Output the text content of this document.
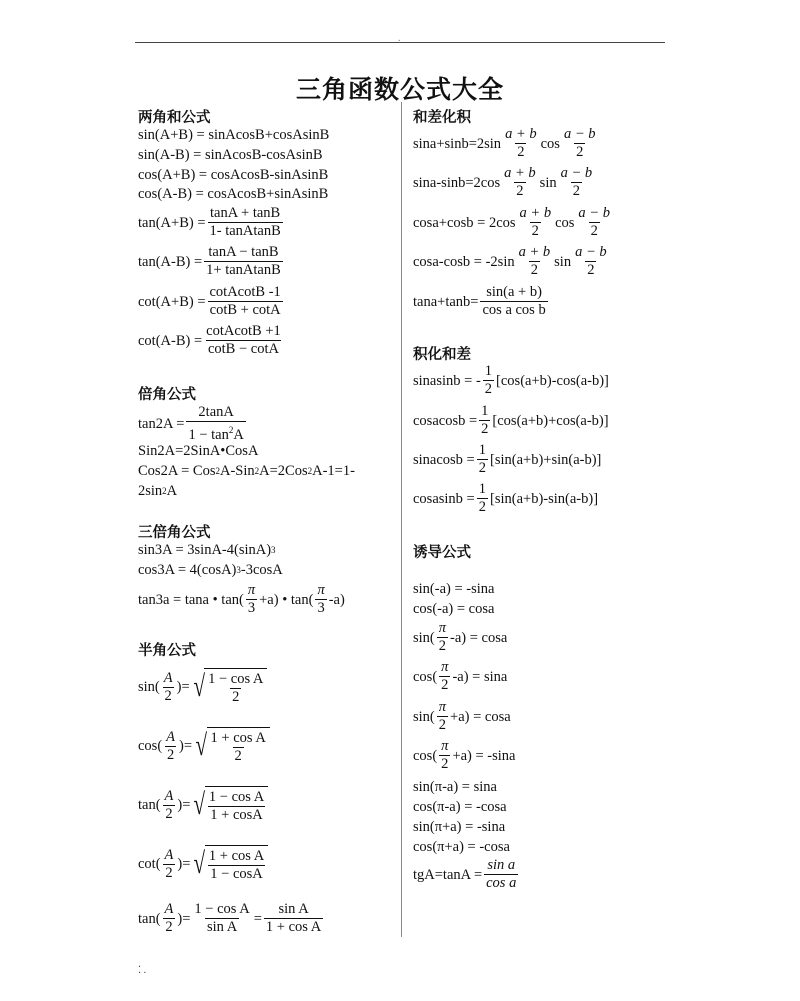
.
三角函数公式大全
两角和公式
sin(A+B) = sinAcosB+cosAsinB
sin(A-B) = sinAcosB-cosAsinB
cos(A+B) = cosAcosB-sinAsinB
cos(A-B) = cosAcosB+sinAsinB
$\tan(A+B) = \frac{\tan A + \tan B}{\text{1- tanAtanB}}$
$\tan(A-B) = \frac{\tan A - \tan B}{\text{1+ tanAtanB}}$
$\cot(A+B) = \frac{\text{cotAcotB -1}}{\cot B + \cot A}$
$\cot(A-B) = \frac{\text{cotAcotB +1}}{\cot B - \cot A}$
倍角公式
$\tan 2A = \frac{2\tan A}{1 - \tan^2A}$
Sin2A=2SinA•CosA
Cos2A = Cos 2 A-Sin 2 A=2Cos 2 A-1=1-
2sin 2 A
三倍角公式
sin3A = 3sinA-4(sinA) 3
cos3A = 4(cosA) 3 -3cosA
tan3a = tana • $\tan( \frac{\pi}{3} +a)$ • $\tan( \frac{\pi}{3} -a)$
半角公式
$\sin( \frac{A}{2}$ )= √ $\frac{\text{1 − cos A}}{2}$
$\cos( \frac{A}{2}$ )= √ $\frac{\text{1 + cos A}}{2}$
$\tan( \frac{A}{2}$ )= √ $\frac{\text{1 − cos A}}{1 + \cos A}$
$\cot( \frac{A}{2}$ )= √ $\frac{\text{1 + cos A}}{1 - \cos A}$
$\tan( \frac{A}{2}$ )= $\frac{\text{1 − cos A}}{\text{sin A}} = \frac{\text{sin A}}{\text{1 + cos A}}$
和差化积
$\sin a+\sin b=2\sin \frac{a + b}{2}$ $\cos \frac{a - b}{2}$
$\sin a-\sin b=2\cos \frac{a + b}{2}$ $\sin \frac{a - b}{2}$
$\cos a+\cos b = 2\cos \frac{a + b}{2}$ $\cos \frac{a - b}{2}$
$\cos a-\cos b = -2\sin \frac{a + b}{2}$ $\sin \frac{a - b}{2}$
$\tan a+\tan b= \frac{\sin(a + b)}{\text{cos a cos b}}$
积化和差
sinasinb = - $\frac{1}{2} [\cos(a+b)-\cos(a-b)]$
cosacosb = $\frac{1}{2} [\cos(a+b)+\cos(a-b)]$
sinacosb = $\frac{1}{2} [\sin(a+b)+\sin(a-b)]$
cosasinb = $\frac{1}{2} [\sin(a+b)-\sin(a-b)]$
诱导公式
sin(-a) = -sina
cos(-a) = cosa
$\sin( \frac{\pi}{2} -a) = \cos a$
$\cos( \frac{\pi}{2} -a) = \sin a$
$\sin( \frac{\pi}{2} +a) = \cos a$
$\cos( \frac{\pi}{2} +a) = -\sin a$
sin(π-a) = sina
cos(π-a) = -cosa
sin(π+a) = -sina
cos(π+a) = -cosa
$tgA=\tan A = \frac{\text{sin a}}{\text{cos a}}$
⁚ .
